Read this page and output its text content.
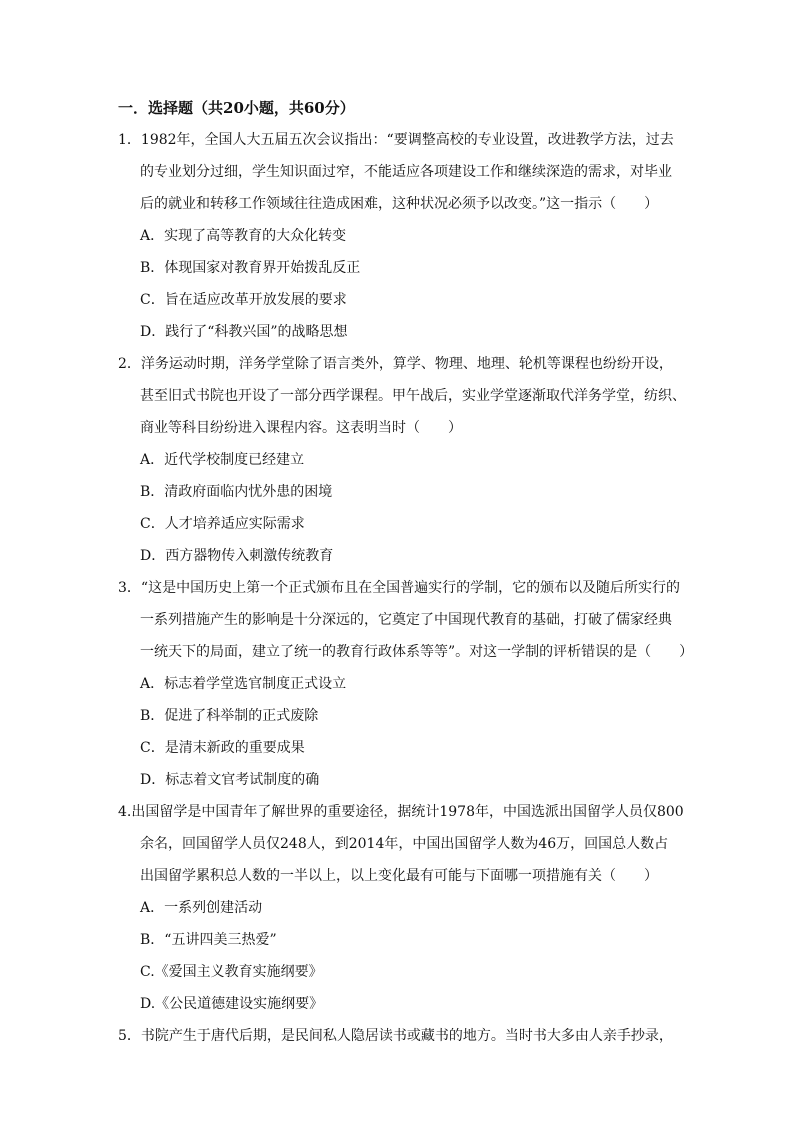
一．选择题（共20小题，共60分）
1．1982年，全国人大五届五次会议指出：“要调整高校的专业设置，改进教学方法，过去
的专业划分过细，学生知识面过窄，不能适应各项建设工作和继续深造的需求，对毕业
后的就业和转移工作领域往往造成困难，这种状况必须予以改变。”这一指示（　　）
A．实现了高等教育的大众化转变
B．体现国家对教育界开始拨乱反正
C．旨在适应改革开放发展的要求
D．践行了“科教兴国”的战略思想
2．洋务运动时期，洋务学堂除了语言类外，算学、物理、地理、轮机等课程也纷纷开设，
甚至旧式书院也开设了一部分西学课程。甲午战后，实业学堂逐渐取代洋务学堂，纺织、
商业等科目纷纷进入课程内容。这表明当时（　　）
A．近代学校制度已经建立
B．清政府面临内忧外患的困境
C．人才培养适应实际需求
D．西方器物传入刺激传统教育
3．“这是中国历史上第一个正式颁布且在全国普遍实行的学制，它的颁布以及随后所实行的
一系列措施产生的影响是十分深远的，它奠定了中国现代教育的基础，打破了儒家经典
一统天下的局面，建立了统一的教育行政体系等等”。对这一学制的评析错误的是（　　）
A．标志着学堂选官制度正式设立
B．促进了科举制的正式废除
C．是清末新政的重要成果
D．标志着文官考试制度的确
4.出国留学是中国青年了解世界的重要途径，据统计1978年，中国选派出国留学人员仅800
余名，回国留学人员仅248人，到2014年，中国出国留学人数为46万，回国总人数占
出国留学累积总人数的一半以上，以上变化最有可能与下面哪一项措施有关（　　）
A．一系列创建活动
B．“五讲四美三热爱”
C.《爱国主义教育实施纲要》
D.《公民道德建设实施纲要》
5．书院产生于唐代后期，是民间私人隐居读书或藏书的地方。当时书大多由人亲手抄录，
